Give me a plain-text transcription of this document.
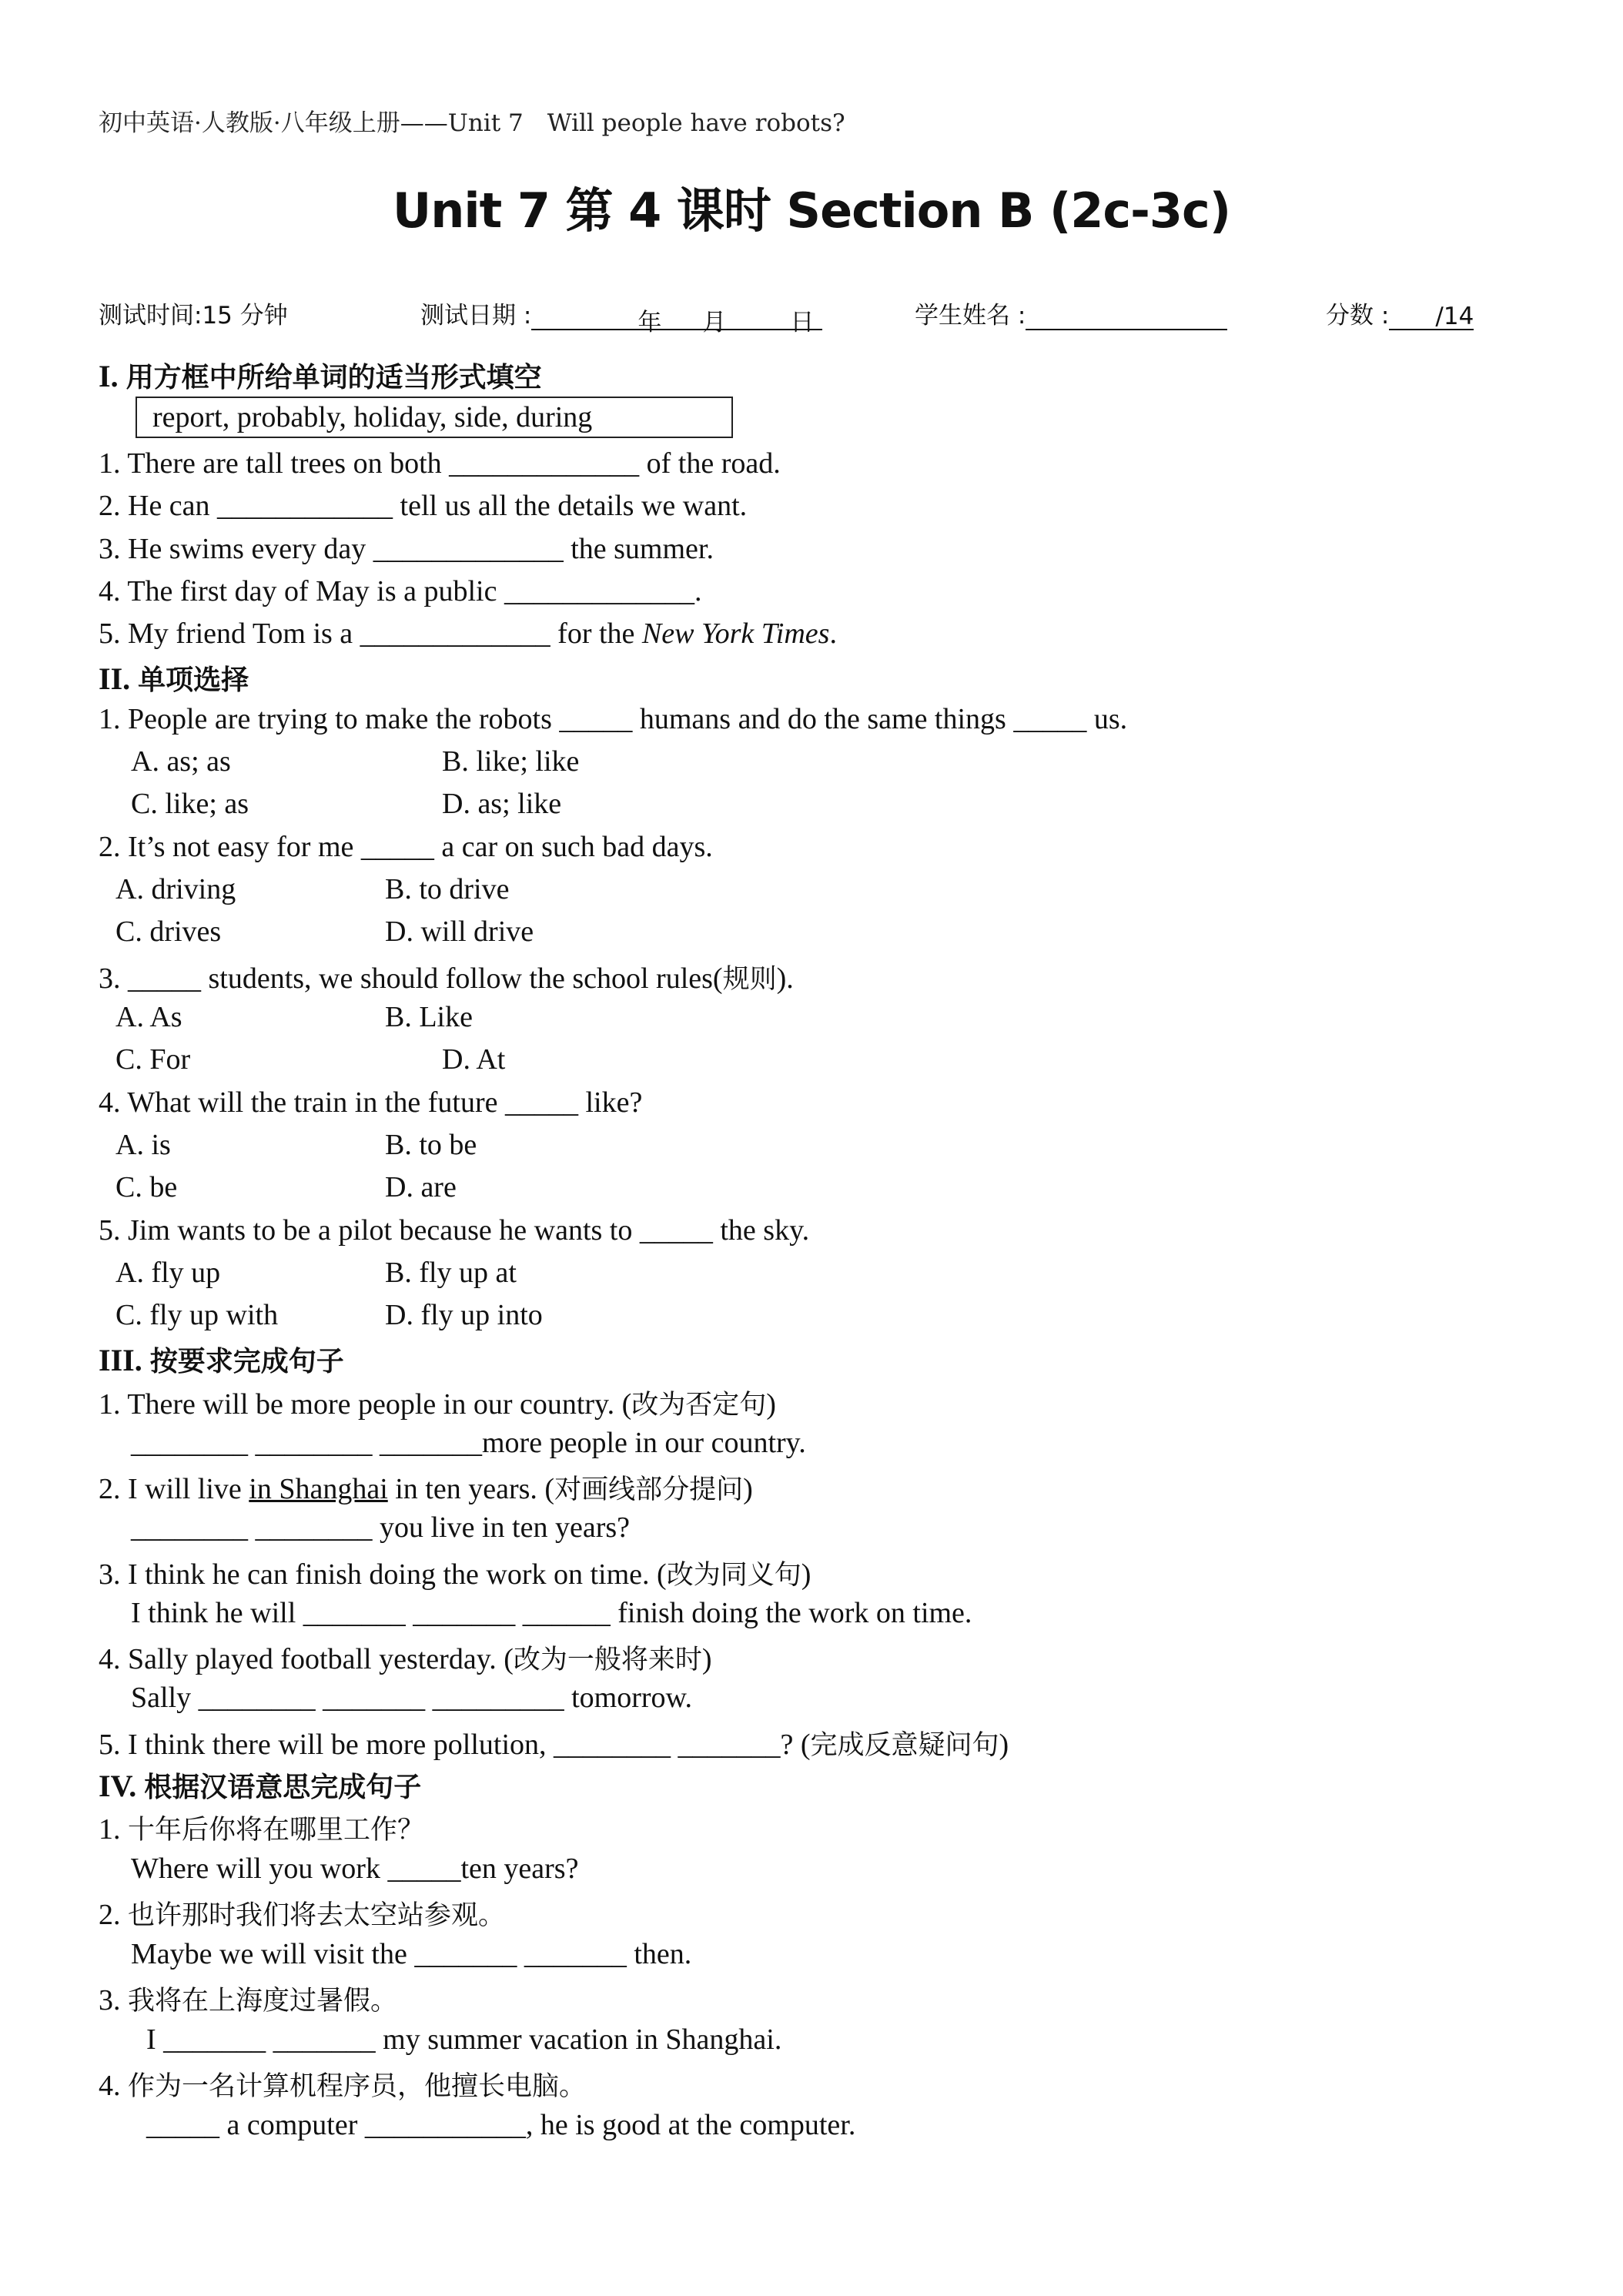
初中英语·人教版·八年级上册——Unit 7　Will people have robots?
Unit 7 第 4 课时 Section B (2c-3c)
测试时间:15 分钟	测试日期 :	年 月	日	学生姓名 :	分数 : /14
I. 用方框中所给单词的适当形式填空
report, probably, holiday, side, during
1. There are tall trees on both _____________ of the road.
2. He can ____________ tell us all the details we want.
3. He swims every day _____________ the summer.
4. The first day of May is a public _____________.
5. My friend Tom is a _____________ for the New York Times.
II. 单项选择
1. People are trying to make the robots _____ humans and do the same things _____ us.
A. as; as	B. like; like
C. like; as	D. as; like
2. It’s not easy for me _____ a car on such bad days.
A. driving	B. to drive
C. drives	D. will drive
3. _____ students, we should follow the school rules(规则).
A. As	B. Like
C. For	D. At
4. What will the train in the future _____ like?
A. is	B. to be
C. be	D. are
5. Jim wants to be a pilot because he wants to _____ the sky.
A. fly up	B. fly up at
C. fly up with	D. fly up into
III. 按要求完成句子
1. There will be more people in our country. (改为否定句)
________ ________ _______more people in our country.
2. I will live in Shanghai in ten years. (对画线部分提问)
________ ________ you live in ten years?
3. I think he can finish doing the work on time. (改为同义句)
I think he will _______ _______ ______ finish doing the work on time.
4. Sally played football yesterday. (改为一般将来时)
Sally ________ _______ _________ tomorrow.
5. I think there will be more pollution, ________ _______? (完成反意疑问句)
IV. 根据汉语意思完成句子
1. 十年后你将在哪里工作？
Where will you work _____ten years?
2. 也许那时我们将去太空站参观。
Maybe we will visit the _______ _______ then.
3. 我将在上海度过暑假。
I _______ _______ my summer vacation in Shanghai.
4. 作为一名计算机程序员，他擅长电脑。
_____ a computer ___________, he is good at the computer.
